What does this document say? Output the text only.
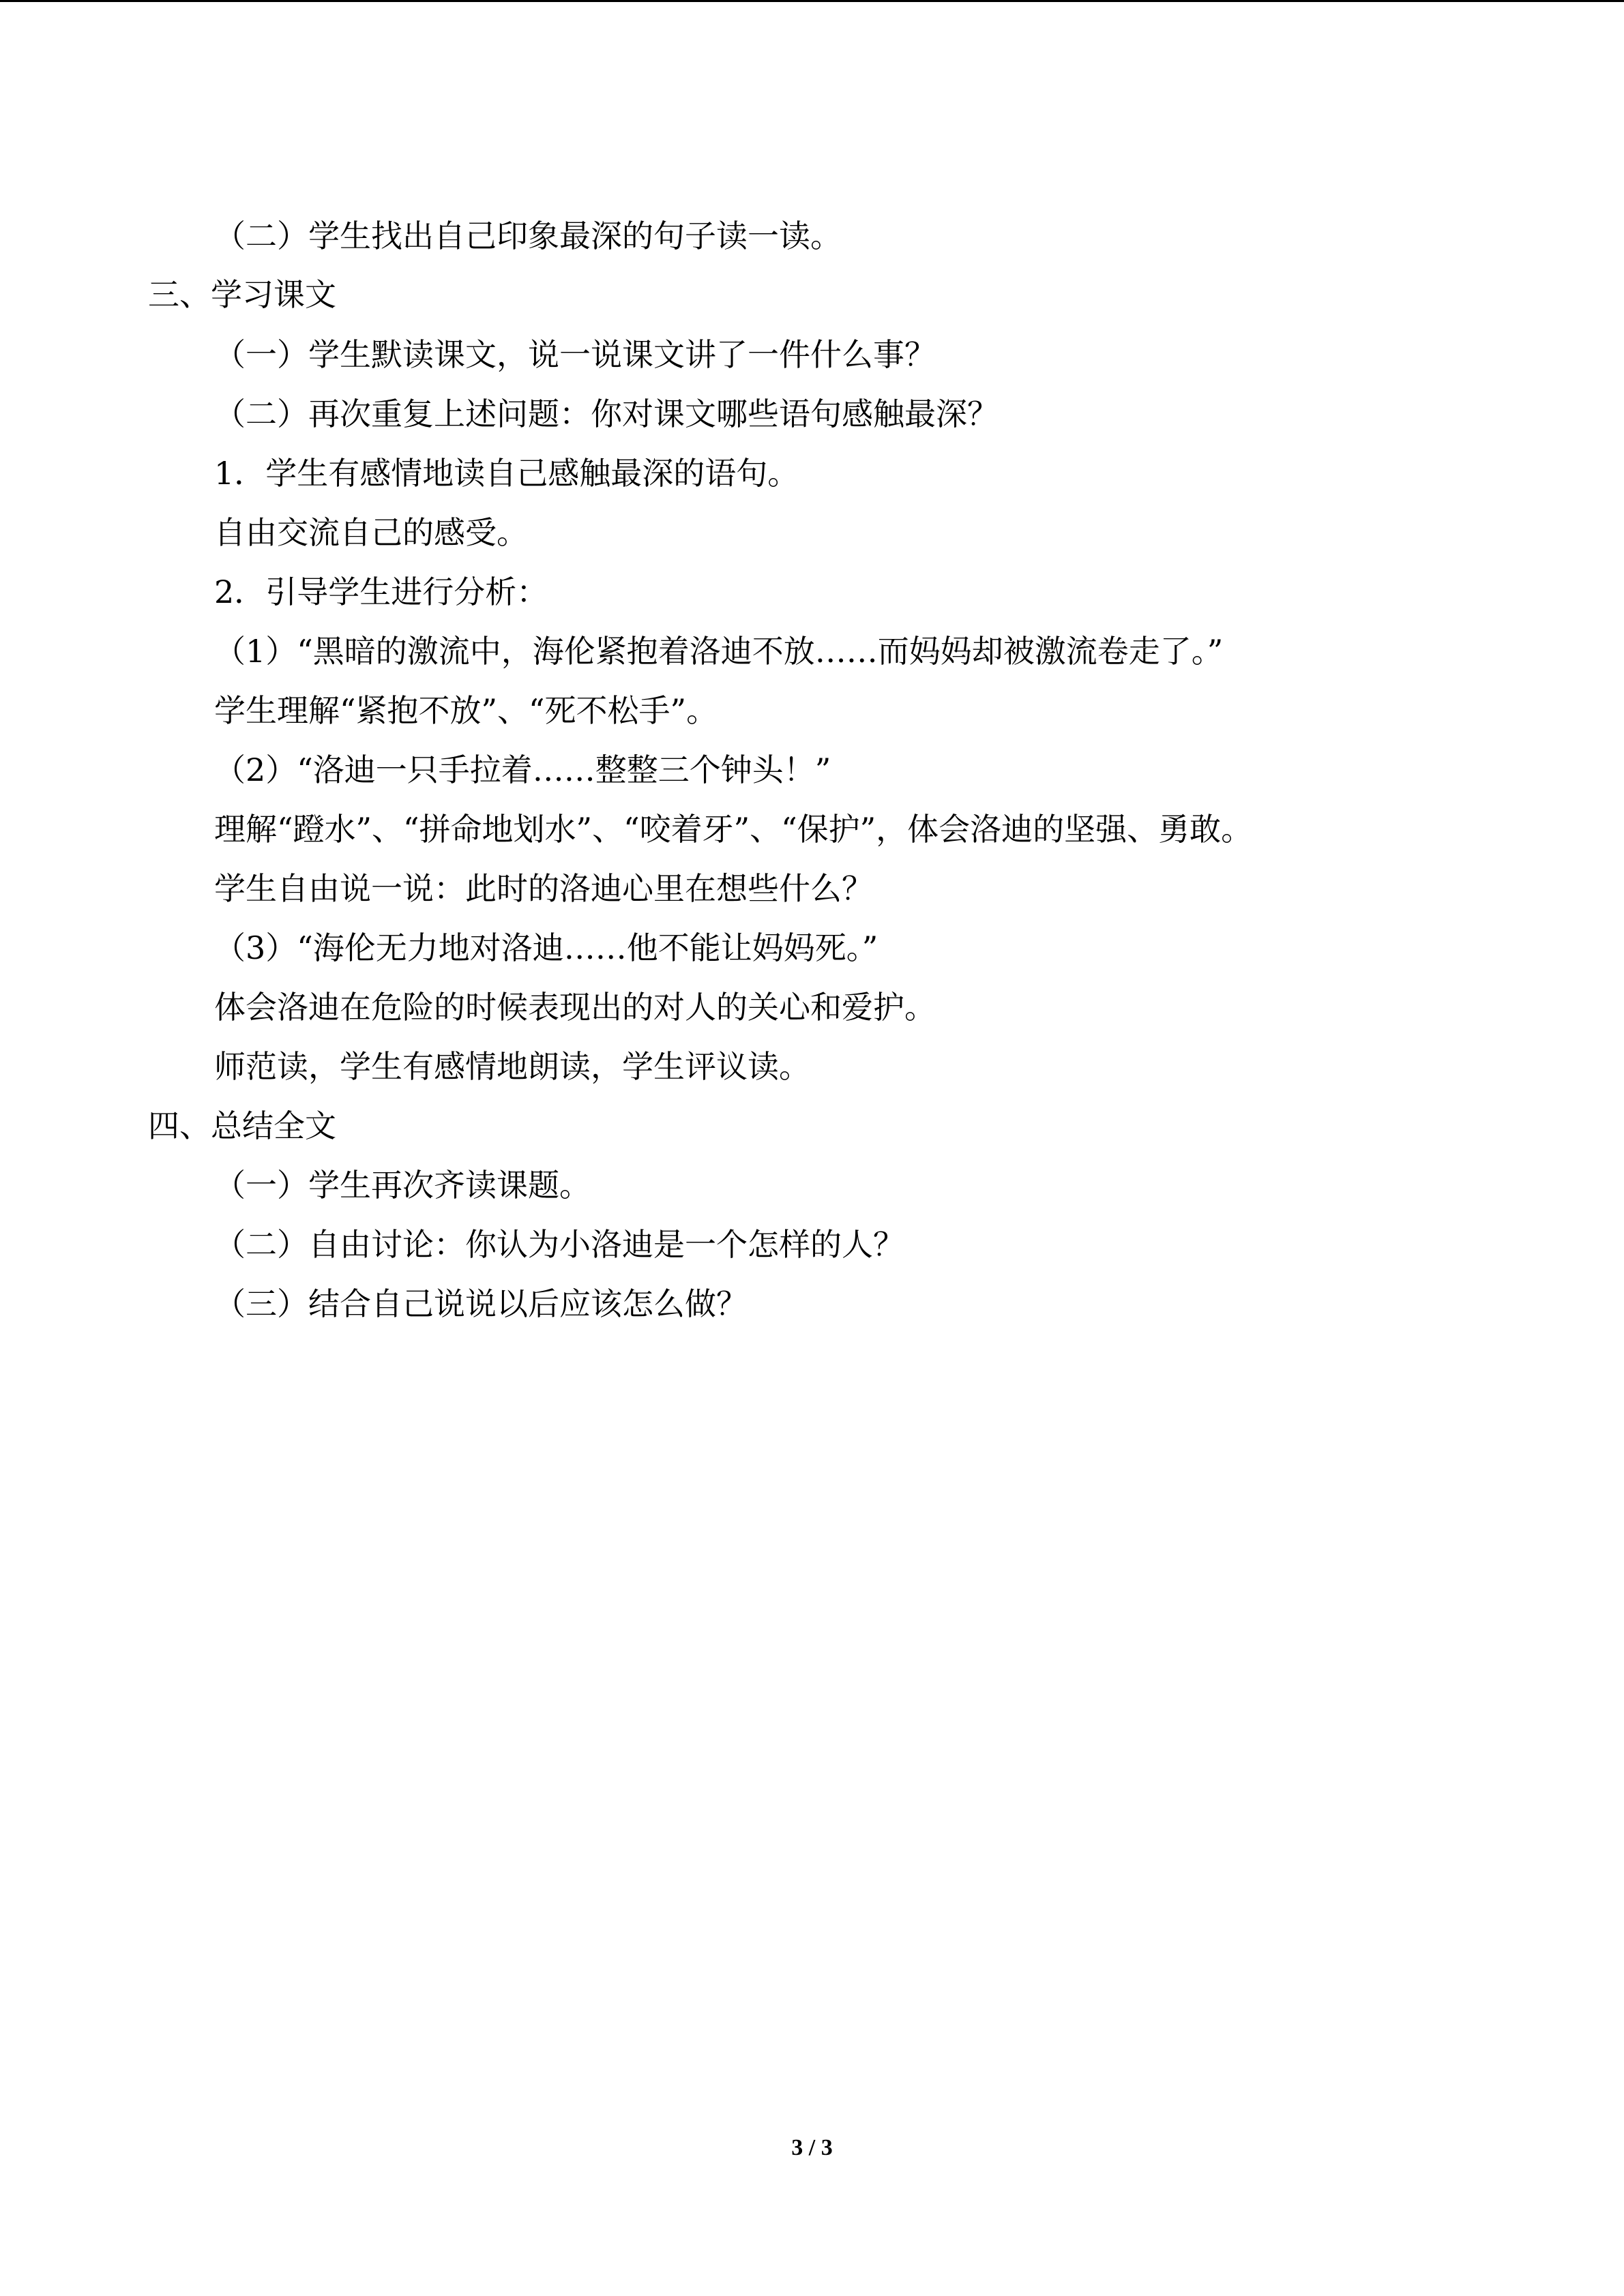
（二）学生找出自己印象最深的句子读一读。
三、学习课文
（一）学生默读课文，说一说课文讲了一件什么事？
（二）再次重复上述问题：你对课文哪些语句感触最深？
1．学生有感情地读自己感触最深的语句。
自由交流自己的感受。
2．引导学生进行分析：
（1）“黑暗的激流中，海伦紧抱着洛迪不放……而妈妈却被激流卷走了。”
学生理解“紧抱不放”、“死不松手”。
（2）“洛迪一只手拉着……整整三个钟头！”
理解“蹬水”、“拼命地划水”、“咬着牙”、“保护”，体会洛迪的坚强、勇敢。
学生自由说一说：此时的洛迪心里在想些什么？
（3）“海伦无力地对洛迪……他不能让妈妈死。”
体会洛迪在危险的时候表现出的对人的关心和爱护。
师范读，学生有感情地朗读，学生评议读。
四、总结全文
（一）学生再次齐读课题。
（二）自由讨论：你认为小洛迪是一个怎样的人？
（三）结合自己说说以后应该怎么做？
3 / 3
